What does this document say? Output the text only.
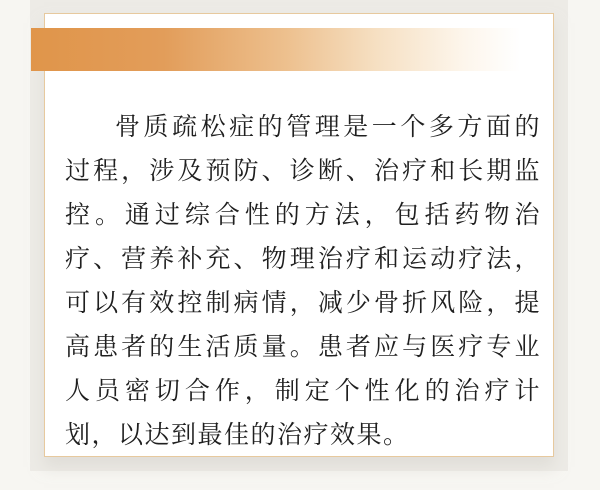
骨质疏松症的管理是一个多方面的
过程，涉及预防、诊断、治疗和长期监
控。通过综合性的方法，包括药物治
疗、营养补充、物理治疗和运动疗法，
可以有效控制病情，减少骨折风险，提
高患者的生活质量。患者应与医疗专业
人员密切合作，制定个性化的治疗计
划，以达到最佳的治疗效果。
